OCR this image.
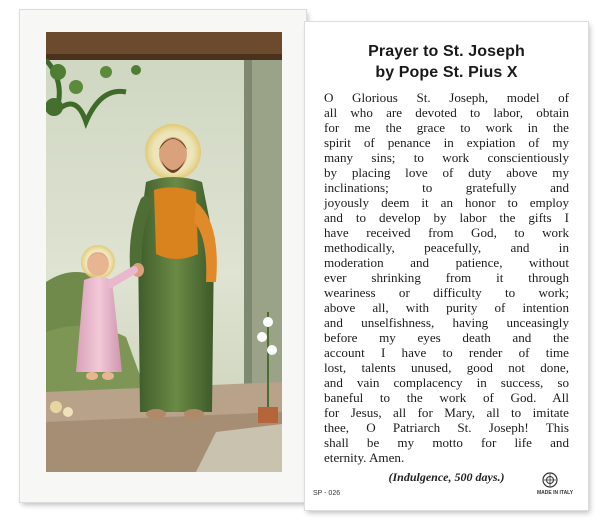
Prayer to St. Joseph
by Pope St. Pius X
O Glorious St. Joseph, model of
all who are devoted to labor, obtain
for me the grace to work in the
spirit of penance in expiation of my
many sins; to work conscientiously
by placing love of duty above my
inclinations; to gratefully and
joyously deem it an honor to employ
and to develop by labor the gifts I
have received from God, to work
methodically, peacefully, and in
moderation and patience, without
ever shrinking from it through
weariness or difficulty to work;
above all, with purity of intention
and unselfishness, having unceasingly
before my eyes death and the
account I have to render of time
lost, talents unused, good not done,
and vain complacency in success, so
baneful to the work of God. All
for Jesus, all for Mary, all to imitate
thee, O Patriarch St. Joseph! This
shall be my motto for life and
eternity. Amen.
(Indulgence, 500 days.)
SP - 026	MADE IN ITALY
